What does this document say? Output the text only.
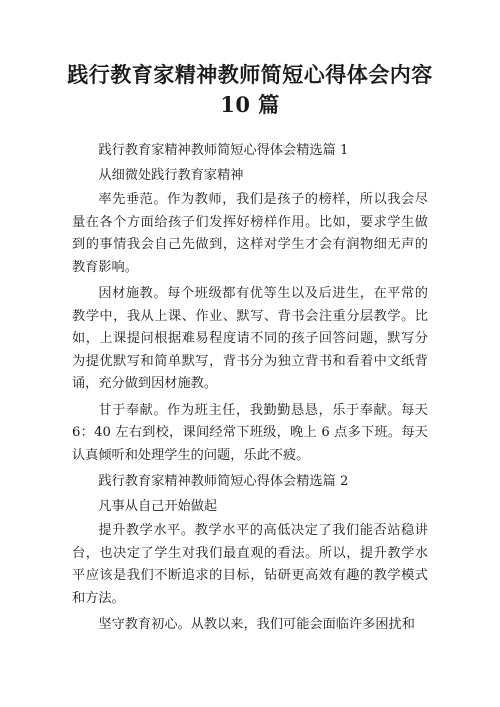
践行教育家精神教师简短心得体会内容 10 篇

践行教育家精神教师简短心得体会精选篇 1

从细微处践行教育家精神

率先垂范。作为教师，我们是孩子的榜样，所以我会尽量在各个方面给孩子们发挥好榜样作用。比如，要求学生做到的事情我会自己先做到，这样对学生才会有润物细无声的教育影响。

因材施教。每个班级都有优等生以及后进生，在平常的教学中，我从上课、作业、默写、背书会注重分层教学。比如，上课提问根据难易程度请不同的孩子回答问题，默写分为提优默写和简单默写，背书分为独立背书和看着中文纸背诵，充分做到因材施教。

甘于奉献。作为班主任，我勤勤恳恳，乐于奉献。每天 6：40 左右到校，课间经常下班级，晚上 6 点多下班。每天认真倾听和处理学生的问题，乐此不疲。

践行教育家精神教师简短心得体会精选篇 2

凡事从自己开始做起

提升教学水平。教学水平的高低决定了我们能否站稳讲台，也决定了学生对我们最直观的看法。所以，提升教学水平应该是我们不断追求的目标，钻研更高效有趣的教学模式和方法。

坚守教育初心。从教以来，我们可能会面临许多困扰和
